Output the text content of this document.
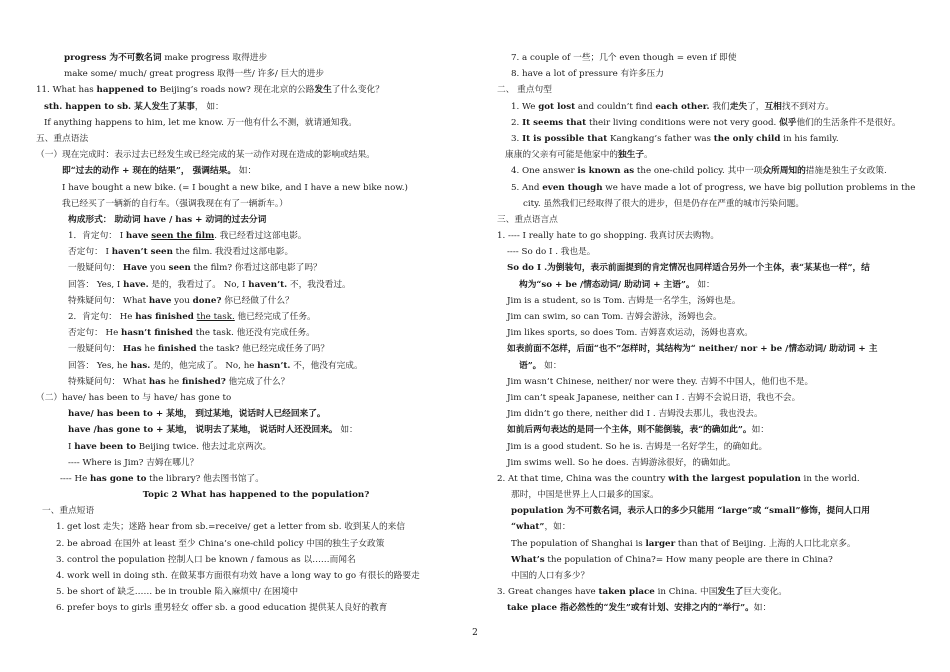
progress 为不可数名词 make progress 取得进步
make some/ much/ great progress 取得一些/ 许多/ 巨大的进步
11. What has happened to Beijing’s roads now? 现在北京的公路发生了什么变化？
sth. happen to sb. 某人发生了某事， 如：
If anything happens to him, let me know. 万一他有什么不测，就请通知我。
五、重点语法
（一）现在完成时：表示过去已经发生或已经完成的某一动作对现在造成的影响或结果。
即“过去的动作 + 现在的结果”， 强调结果。 如：
I have bought a new bike. (= I bought a new bike, and I have a new bike now.)
我已经买了一辆新的自行车。（强调我现在有了一辆新车。）
构成形式： 助动词 have / has + 动词的过去分词
1．肯定句： I have seen the film. 我已经看过这部电影。
否定句： I haven’t seen the film. 我没看过这部电影。
一般疑问句： Have you seen the film? 你看过这部电影了吗？
回答： Yes, I have. 是的，我看过了。 No, I haven’t. 不，我没看过。
特殊疑问句： What have you done? 你已经做了什么？
2．肯定句： He has finished the task. 他已经完成了任务。
否定句： He hasn’t finished the task. 他还没有完成任务。
一般疑问句： Has he finished the task? 他已经完成任务了吗？
回答： Yes, he has. 是的，他完成了。 No, he hasn’t. 不，他没有完成。
特殊疑问句： What has he finished? 他完成了什么？
（二）have/ has been to 与 have/ has gone to
have/ has been to + 某地， 到过某地，说话时人已经回来了。
have /has gone to + 某地， 说明去了某地， 说话时人还没回来。 如：
I have been to Beijing twice. 他去过北京两次。
---- Where is Jim? 吉姆在哪儿？
---- He has gone to the library? 他去图书馆了。
Topic 2 What has happened to the population?
一、重点短语
1. get lost 走失；迷路 hear from sb.=receive/ get a letter from sb. 收到某人的来信
2. be abroad 在国外 at least 至少 China’s one-child policy 中国的独生子女政策
3. control the population 控制人口 be known / famous as 以……而闻名
4. work well in doing sth. 在做某事方面很有功效 have a long way to go 有很长的路要走
5. be short of 缺乏…… be in trouble 陷入麻烦中/ 在困境中
6. prefer boys to girls 重男轻女 offer sb. a good education 提供某人良好的教育
7. a couple of 一些；几个 even though = even if 即使
8. have a lot of pressure 有许多压力
二、 重点句型
1. We got lost and couldn’t find each other. 我们走失了，互相找不到对方。
2. It seems that their living conditions were not very good. 似乎他们的生活条件不是很好。
3. It is possible that Kangkang’s father was the only child in his family.
康康的父亲有可能是他家中的独生子。
4. One answer is known as the one-child policy. 其中一项众所周知的措施是独生子女政策.
5. And even though we have made a lot of progress, we have big pollution problems in the
city. 虽然我们已经取得了很大的进步，但是仍存在严重的城市污染问题。
三、重点语言点
1. ---- I really hate to go shopping. 我真讨厌去购物。
---- So do I . 我也是。
So do I .为倒装句，表示前面提到的肯定情况也同样适合另外一个主体，表“某某也一样”，结
构为“so + be /情态动词/ 助动词 + 主语”。 如：
Jim is a student, so is Tom. 吉姆是一名学生，汤姆也是。
Jim can swim, so can Tom. 吉姆会游泳，汤姆也会。
Jim likes sports, so does Tom. 吉姆喜欢运动，汤姆也喜欢。
如表前面不怎样，后面“也不”怎样时，其结构为“ neither/ nor + be /情态动词/ 助动词 + 主
语”。 如：
Jim wasn’t Chinese, neither/ nor were they. 吉姆不中国人，他们也不是。
Jim can’t speak Japanese, neither can I . 吉姆不会说日语，我也不会。
Jim didn’t go there, neither did I . 吉姆没去那儿，我也没去。
如前后两句表达的是同一个主体，则不能倒装，表“的确如此”。如：
Jim is a good student. So he is. 吉姆是一名好学生，的确如此。
Jim swims well. So he does. 吉姆游泳很好，的确如此。
2. At that time, China was the country with the largest population in the world.
那时，中国是世界上人口最多的国家。
population 为不可数名词，表示人口的多少只能用 “large”或 “small”修饰，提问人口用
“what”，如：
The population of Shanghai is larger than that of Beijing. 上海的人口比北京多。
What’s the population of China?= How many people are there in China?
中国的人口有多少？
3. Great changes have taken place in China. 中国发生了巨大变化。
take place 指必然性的“发生”或有计划、安排之内的“举行”。如：
2
